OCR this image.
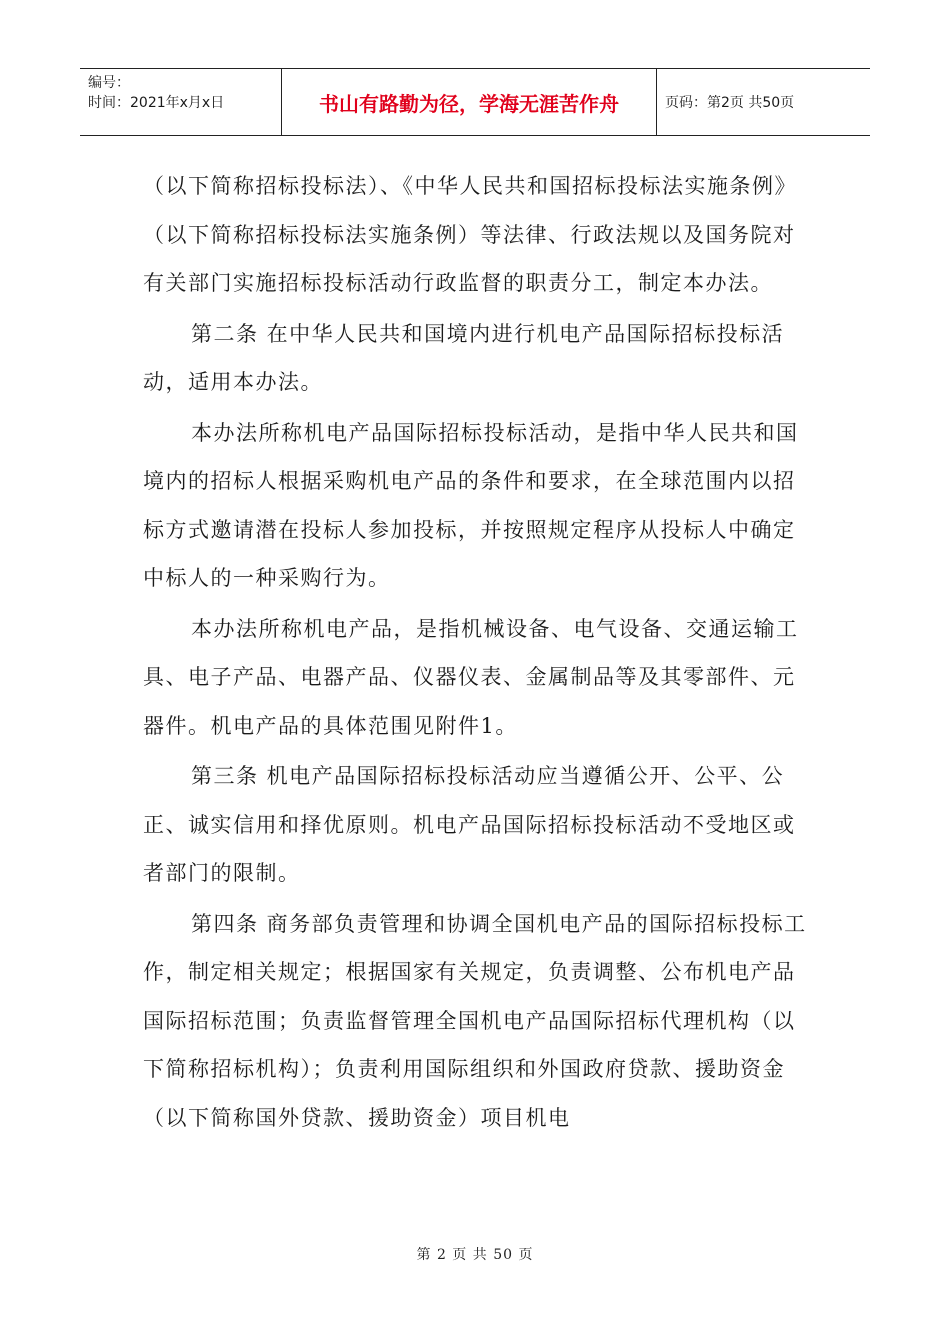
编号：
时间：2021年x月x日	书山有路勤为径，学海无涯苦作舟	页码：第2页 共50页

（以下简称招标投标法）、《中华人民共和国招标投标法实施条例》（以下简称招标投标法实施条例）等法律、行政法规以及国务院对有关部门实施招标投标活动行政监督的职责分工，制定本办法。

第二条 在中华人民共和国境内进行机电产品国际招标投标活动，适用本办法。

本办法所称机电产品国际招标投标活动，是指中华人民共和国境内的招标人根据采购机电产品的条件和要求，在全球范围内以招标方式邀请潜在投标人参加投标，并按照规定程序从投标人中确定中标人的一种采购行为。

本办法所称机电产品，是指机械设备、电气设备、交通运输工具、电子产品、电器产品、仪器仪表、金属制品等及其零部件、元器件。机电产品的具体范围见附件1。

第三条 机电产品国际招标投标活动应当遵循公开、公平、公正、诚实信用和择优原则。机电产品国际招标投标活动不受地区或者部门的限制。

第四条 商务部负责管理和协调全国机电产品的国际招标投标工作，制定相关规定；根据国家有关规定，负责调整、公布机电产品国际招标范围；负责监督管理全国机电产品国际招标代理机构（以下简称招标机构）；负责利用国际组织和外国政府贷款、援助资金（以下简称国外贷款、援助资金）项目机电

第 2 页 共 50 页
